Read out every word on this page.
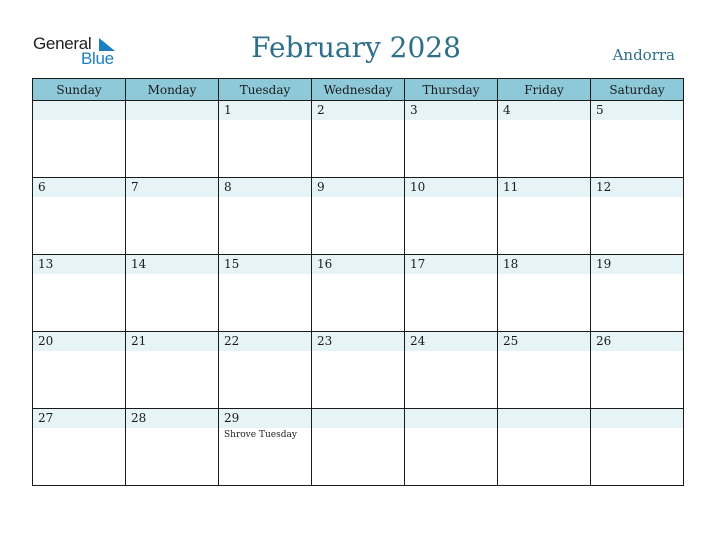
General
Blue	February 2028	Andorra
Sunday	Monday	Tuesday	Wednesday	Thursday	Friday	Saturday

		1	2	3	4	5

6	7	8	9	10	11	12

13	14	15	16	17	18	19

20	21	22	23	24	25	26

27	28	29
Shrove Tuesday				
